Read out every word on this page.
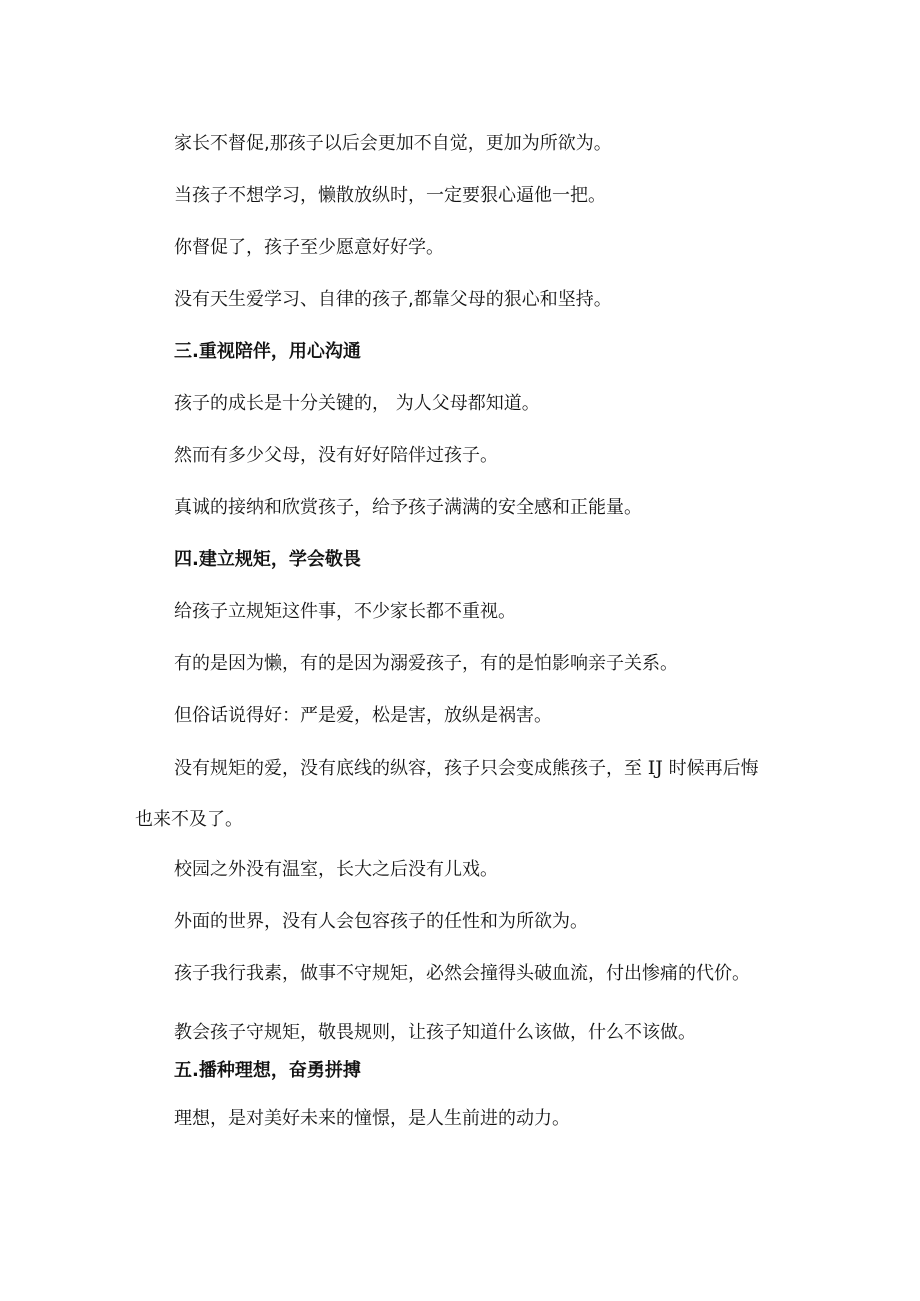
家长不督促,那孩子以后会更加不自觉，更加为所欲为。

当孩子不想学习，懒散放纵时，一定要狠心逼他一把。

你督促了，孩子至少愿意好好学。

没有天生爱学习、自律的孩子,都靠父母的狠心和坚持。

三.重视陪伴，用心沟通

孩子的成长是十分关键的， 为人父母都知道。

然而有多少父母，没有好好陪伴过孩子。

真诚的接纳和欣赏孩子，给予孩子满满的安全感和正能量。

四.建立规矩，学会敬畏

给孩子立规矩这件事，不少家长都不重视。

有的是因为懒，有的是因为溺爱孩子，有的是怕影响亲子关系。

但俗话说得好：严是爱，松是害，放纵是祸害。

没有规矩的爱，没有底线的纵容，孩子只会变成熊孩子，至 IJ 时候再后悔

也来不及了。

校园之外没有温室，长大之后没有儿戏。

外面的世界，没有人会包容孩子的任性和为所欲为。

孩子我行我素，做事不守规矩，必然会撞得头破血流，付出惨痛的代价。

教会孩子守规矩，敬畏规则，让孩子知道什么该做，什么不该做。

五.播种理想，奋勇拼搏

理想，是对美好未来的憧憬，是人生前进的动力。
